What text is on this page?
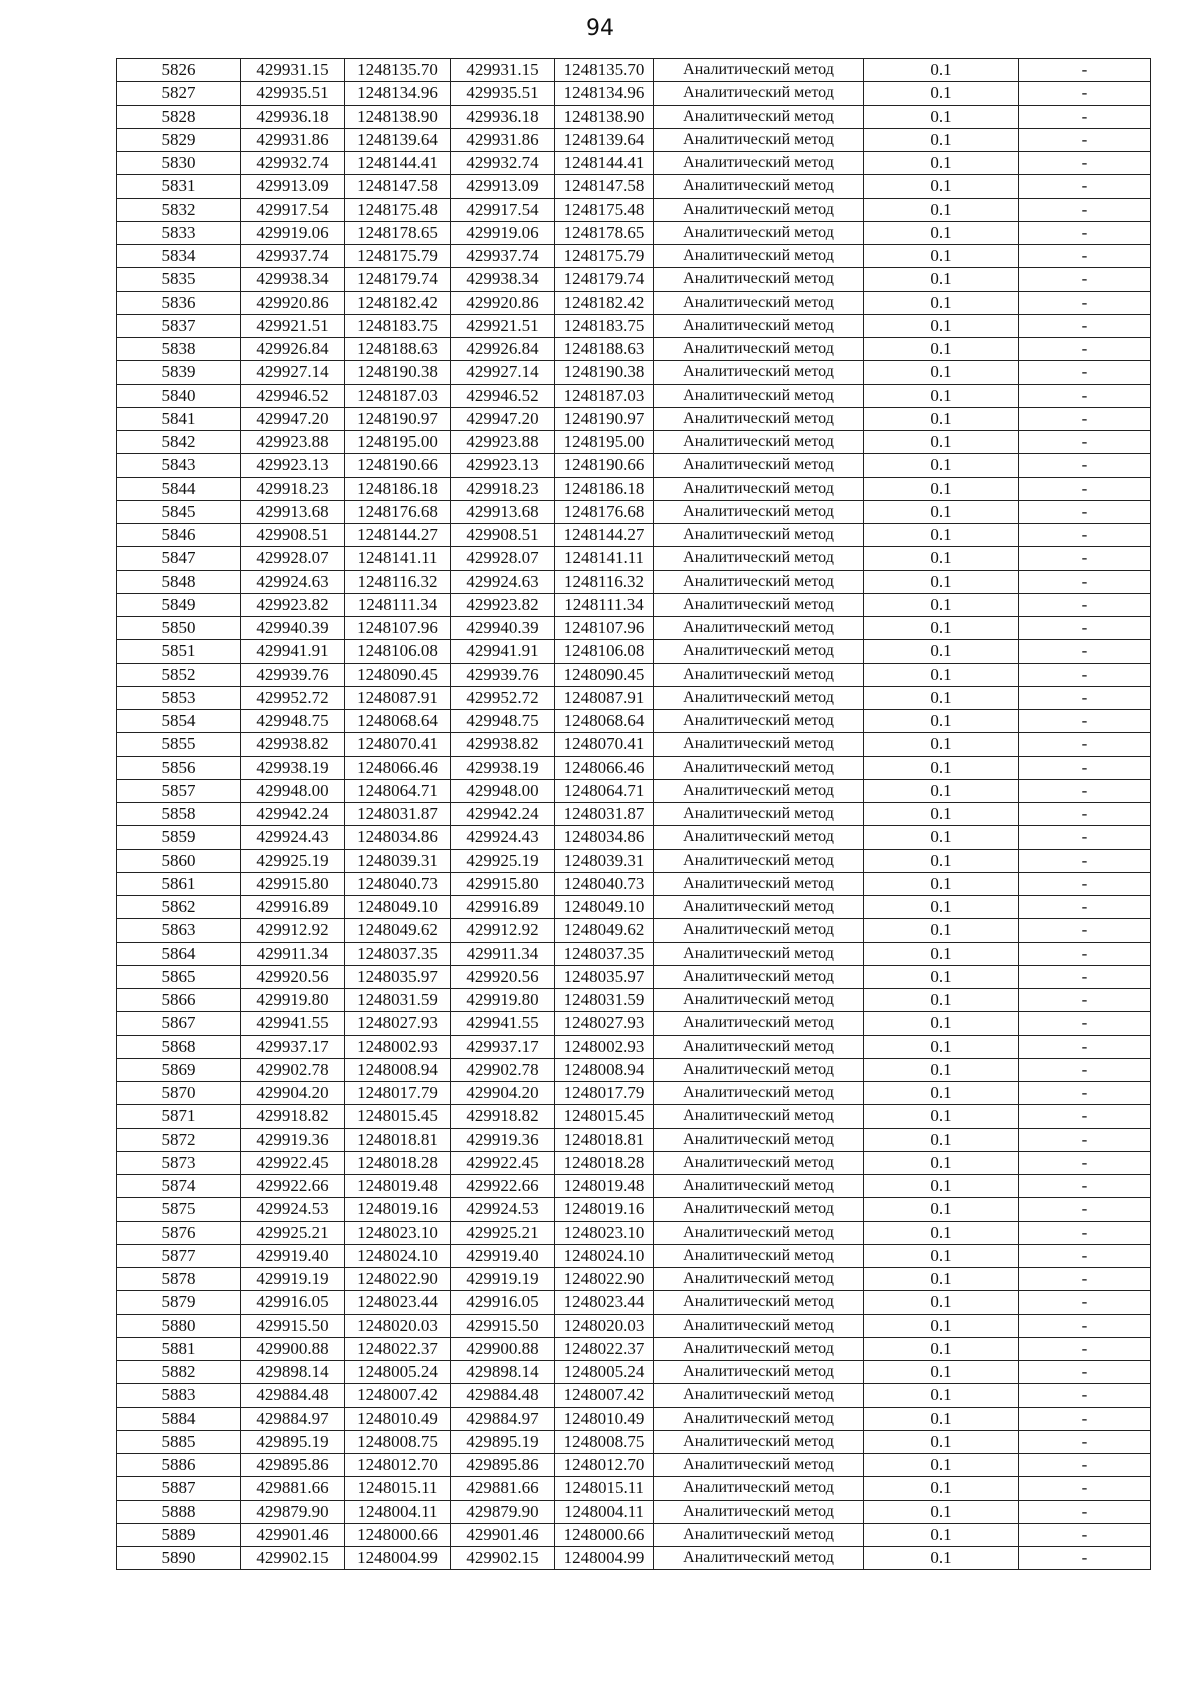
94
5826	429931.15	1248135.70	429931.15	1248135.70	Аналитический метод	0.1	-
5827	429935.51	1248134.96	429935.51	1248134.96	Аналитический метод	0.1	-
5828	429936.18	1248138.90	429936.18	1248138.90	Аналитический метод	0.1	-
5829	429931.86	1248139.64	429931.86	1248139.64	Аналитический метод	0.1	-
5830	429932.74	1248144.41	429932.74	1248144.41	Аналитический метод	0.1	-
5831	429913.09	1248147.58	429913.09	1248147.58	Аналитический метод	0.1	-
5832	429917.54	1248175.48	429917.54	1248175.48	Аналитический метод	0.1	-
5833	429919.06	1248178.65	429919.06	1248178.65	Аналитический метод	0.1	-
5834	429937.74	1248175.79	429937.74	1248175.79	Аналитический метод	0.1	-
5835	429938.34	1248179.74	429938.34	1248179.74	Аналитический метод	0.1	-
5836	429920.86	1248182.42	429920.86	1248182.42	Аналитический метод	0.1	-
5837	429921.51	1248183.75	429921.51	1248183.75	Аналитический метод	0.1	-
5838	429926.84	1248188.63	429926.84	1248188.63	Аналитический метод	0.1	-
5839	429927.14	1248190.38	429927.14	1248190.38	Аналитический метод	0.1	-
5840	429946.52	1248187.03	429946.52	1248187.03	Аналитический метод	0.1	-
5841	429947.20	1248190.97	429947.20	1248190.97	Аналитический метод	0.1	-
5842	429923.88	1248195.00	429923.88	1248195.00	Аналитический метод	0.1	-
5843	429923.13	1248190.66	429923.13	1248190.66	Аналитический метод	0.1	-
5844	429918.23	1248186.18	429918.23	1248186.18	Аналитический метод	0.1	-
5845	429913.68	1248176.68	429913.68	1248176.68	Аналитический метод	0.1	-
5846	429908.51	1248144.27	429908.51	1248144.27	Аналитический метод	0.1	-
5847	429928.07	1248141.11	429928.07	1248141.11	Аналитический метод	0.1	-
5848	429924.63	1248116.32	429924.63	1248116.32	Аналитический метод	0.1	-
5849	429923.82	1248111.34	429923.82	1248111.34	Аналитический метод	0.1	-
5850	429940.39	1248107.96	429940.39	1248107.96	Аналитический метод	0.1	-
5851	429941.91	1248106.08	429941.91	1248106.08	Аналитический метод	0.1	-
5852	429939.76	1248090.45	429939.76	1248090.45	Аналитический метод	0.1	-
5853	429952.72	1248087.91	429952.72	1248087.91	Аналитический метод	0.1	-
5854	429948.75	1248068.64	429948.75	1248068.64	Аналитический метод	0.1	-
5855	429938.82	1248070.41	429938.82	1248070.41	Аналитический метод	0.1	-
5856	429938.19	1248066.46	429938.19	1248066.46	Аналитический метод	0.1	-
5857	429948.00	1248064.71	429948.00	1248064.71	Аналитический метод	0.1	-
5858	429942.24	1248031.87	429942.24	1248031.87	Аналитический метод	0.1	-
5859	429924.43	1248034.86	429924.43	1248034.86	Аналитический метод	0.1	-
5860	429925.19	1248039.31	429925.19	1248039.31	Аналитический метод	0.1	-
5861	429915.80	1248040.73	429915.80	1248040.73	Аналитический метод	0.1	-
5862	429916.89	1248049.10	429916.89	1248049.10	Аналитический метод	0.1	-
5863	429912.92	1248049.62	429912.92	1248049.62	Аналитический метод	0.1	-
5864	429911.34	1248037.35	429911.34	1248037.35	Аналитический метод	0.1	-
5865	429920.56	1248035.97	429920.56	1248035.97	Аналитический метод	0.1	-
5866	429919.80	1248031.59	429919.80	1248031.59	Аналитический метод	0.1	-
5867	429941.55	1248027.93	429941.55	1248027.93	Аналитический метод	0.1	-
5868	429937.17	1248002.93	429937.17	1248002.93	Аналитический метод	0.1	-
5869	429902.78	1248008.94	429902.78	1248008.94	Аналитический метод	0.1	-
5870	429904.20	1248017.79	429904.20	1248017.79	Аналитический метод	0.1	-
5871	429918.82	1248015.45	429918.82	1248015.45	Аналитический метод	0.1	-
5872	429919.36	1248018.81	429919.36	1248018.81	Аналитический метод	0.1	-
5873	429922.45	1248018.28	429922.45	1248018.28	Аналитический метод	0.1	-
5874	429922.66	1248019.48	429922.66	1248019.48	Аналитический метод	0.1	-
5875	429924.53	1248019.16	429924.53	1248019.16	Аналитический метод	0.1	-
5876	429925.21	1248023.10	429925.21	1248023.10	Аналитический метод	0.1	-
5877	429919.40	1248024.10	429919.40	1248024.10	Аналитический метод	0.1	-
5878	429919.19	1248022.90	429919.19	1248022.90	Аналитический метод	0.1	-
5879	429916.05	1248023.44	429916.05	1248023.44	Аналитический метод	0.1	-
5880	429915.50	1248020.03	429915.50	1248020.03	Аналитический метод	0.1	-
5881	429900.88	1248022.37	429900.88	1248022.37	Аналитический метод	0.1	-
5882	429898.14	1248005.24	429898.14	1248005.24	Аналитический метод	0.1	-
5883	429884.48	1248007.42	429884.48	1248007.42	Аналитический метод	0.1	-
5884	429884.97	1248010.49	429884.97	1248010.49	Аналитический метод	0.1	-
5885	429895.19	1248008.75	429895.19	1248008.75	Аналитический метод	0.1	-
5886	429895.86	1248012.70	429895.86	1248012.70	Аналитический метод	0.1	-
5887	429881.66	1248015.11	429881.66	1248015.11	Аналитический метод	0.1	-
5888	429879.90	1248004.11	429879.90	1248004.11	Аналитический метод	0.1	-
5889	429901.46	1248000.66	429901.46	1248000.66	Аналитический метод	0.1	-
5890	429902.15	1248004.99	429902.15	1248004.99	Аналитический метод	0.1	-
